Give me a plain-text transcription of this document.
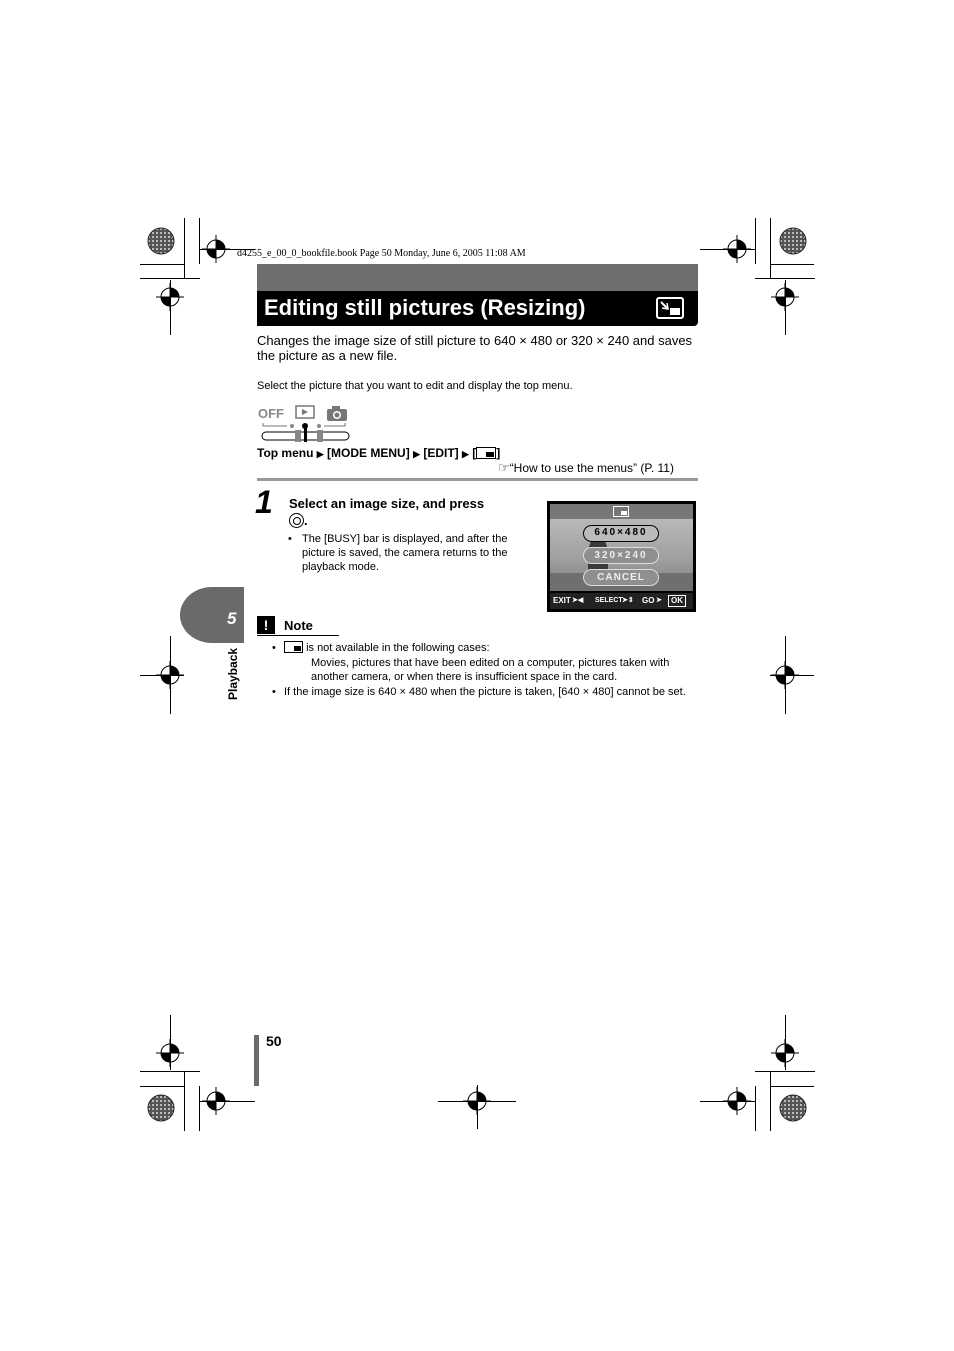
d4255_e_00_0_bookfile.book Page 50 Monday, June 6, 2005 11:08 AM
Editing still pictures (Resizing)
Changes the image size of still picture to 640 × 480 or 320 × 240 and saves the picture as a new file.
Select the picture that you want to edit and display the top menu.
OFF
Top menu ▶ [MODE MENU] ▶ [EDIT] ▶ [ ]
☞“How to use the menus” (P. 11)
1 Select an image size, and press

.
• The [BUSY] bar is displayed, and after the picture is saved, the camera returns to the playback mode.
640×480
320×240
CANCEL
EXIT ➤◀ SELECT ➤⇕ GO ➤	OK
5
Playback
!	Note
•	is not available in the following cases:
Movies, pictures that have been edited on a computer, pictures taken with another camera, or when there is insufficient space in the card.
• If the image size is 640 × 480 when the picture is taken, [640 × 480] cannot be set.
50
